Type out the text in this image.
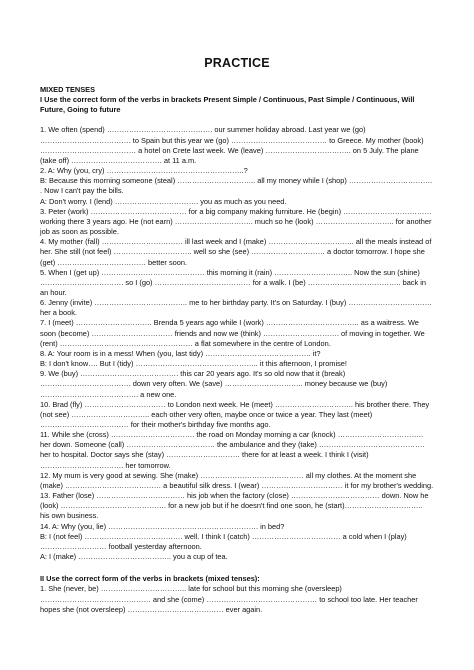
PRACTICE

MIXED TENSES

I Use the correct form of the verbs in brackets Present Simple / Continuous, Past Simple / Continuous, Will Future, Going to future

1. We often (spend) ……………………………………. our summer holiday abroad. Last year we (go) ………………………………. to Spain but this year we (go) ………………………………… to Greece. My mother (book) ………………………………… a hotel on Crete last week. We (leave) …………………………….. on 5 July. The plane (take off) ………………………………. at 11 a.m.

2. A: Why (you, cry) ………………………………………………..?

B: Because this morning someone (steal) ………………………….. all my money while I (shop) ……………………………. . Now I can't pay the bills.

A: Don't worry. I (lend) ……………………………. you as much as you need.

3. Peter (work) ………………………………… for a big company making furniture. He (begin) ……………………………… working there 3 years ago. He (not earn) ………………………….. much so he (look) ………………………….. for another job as soon as possible.

4. My mother (fall) …………………………… ill last week and I (make) …………………………….. all the meals instead of her. She still (not feel) ………………………….. well so she (see) ………………………… a doctor tomorrow. I hope she (get) ……………………………… better soon.

5. When I (get up) …………………………………… this morning it (rain) ………………………….. Now the sun (shine) ……………………………. so I (go) ………………………………… for a walk. I (be) ……………………………….. back in an hour.

6. Jenny (invite) ……………………………….. me to her birthday party. It's on Saturday. I (buy) ……………………………. her a book.

7. I (meet) …………………………. Brenda 5 years ago while I (work) ……………………………….. as a waitress. We soon (become) …………………………… friends and now we (think) …………………………. of moving in together. We (rent) ……………………………………………… a flat somewhere in the centre of London.

8. A: Your room is in a mess! When (you, last tidy) ……………………………………. it?

B: I don't know…. But I (tidy) ………………………………………….. it this afternoon, I promise!

9. We (buy) …………………………………. this car 20 years ago. It's so old now that it (break) ………………………………. down very often. We (save) ………………………….. money because we (buy) …………………………………. a new one.

10. Brad (fly) …………………………… to London next week. He (meet) ………………………….. his brother there. They (not see) ………………………….. each other very often, maybe once or twice a year. They last (meet) ……………………………… for their mother's birthday five months ago.

11. While she (cross) ……………………………. the road on Monday morning a car (knock) …………………………….. her down. Someone (call) ……………………………… the ambulance and they (take) ……………………………………. her to hospital. Doctor says she (stay) ………………………… there for at least a week. I think I (visit) ……………………………. her tomorrow.

12. My mum is very good at sewing. She (make) …………………………………… all my clothes. At the moment she (make) ………………………………… a beautiful silk dress. I (wear) …………………………… it for my brother's wedding.

13. Father (lose) ……………………………… his job when the factory (close) ……………………………… down. Now he (look) ……………………………………. for a new job but if he doesn't find one soon, he (start)………………………….. his own business.

14. A: Why (you, lie) ……………………………………………………. in bed?

B: I (not feel) …………………………………. well. I think I (catch) ……………………………… a cold when I (play) ……………………… football yesterday afternoon.

A: I (make) ……………………………….. you a cup of tea.

II Use the correct form of the verbs in brackets (mixed tenses):

1. She (never, be) …………………………….. late for school but this morning she (oversleep) ……………………………………… and she (come) ……………………………………… to school too late. Her teacher hopes she (not oversleep) ………………………………… ever again.
